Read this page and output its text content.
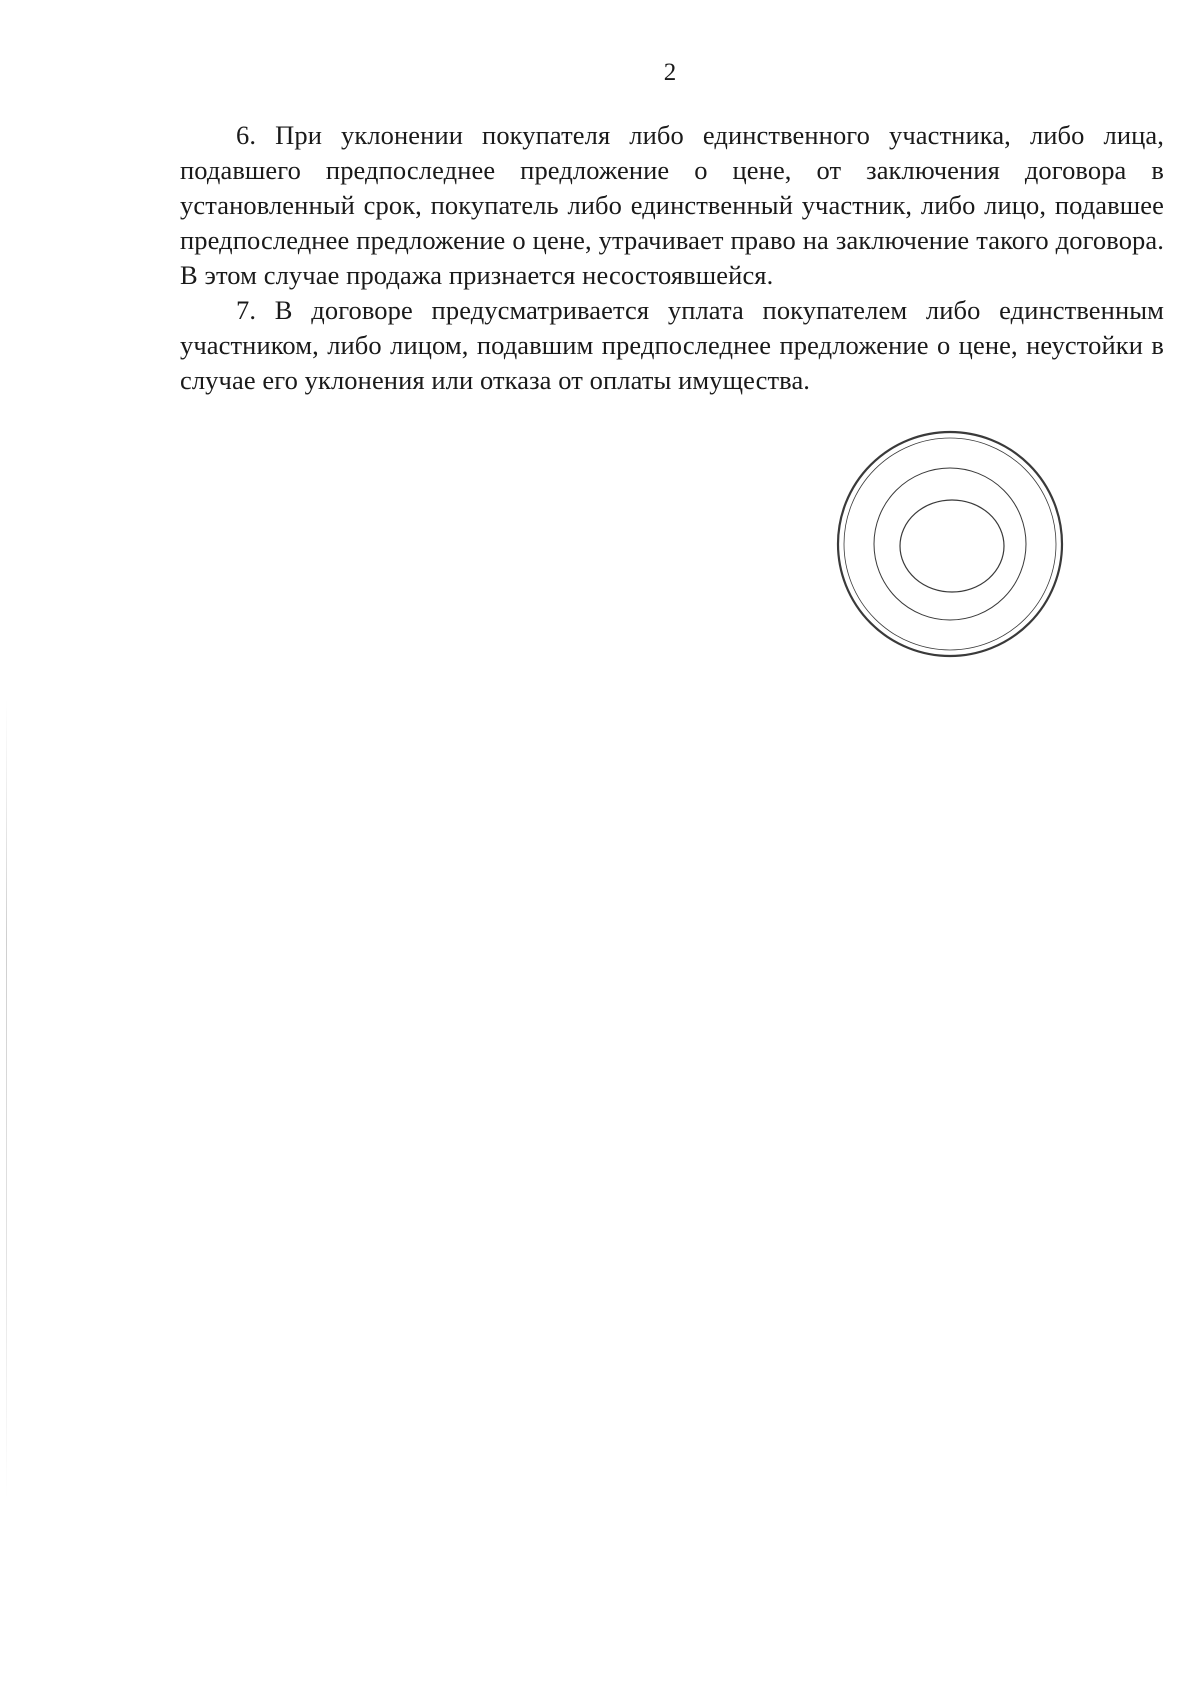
2

6. При уклонении покупателя либо единственного участника, либо лица, подавшего предпоследнее предложение о цене, от заключения договора в установленный срок, покупатель либо единственный участник, либо лицо, подавшее предпоследнее предложение о цене, утрачивает право на заключение такого договора. В этом случае продажа признается несостоявшейся.

7. В договоре предусматривается уплата покупателем либо единственным участником, либо лицом, подавшим предпоследнее предложение о цене, неустойки в случае его уклонения или отказа от оплаты имущества.
